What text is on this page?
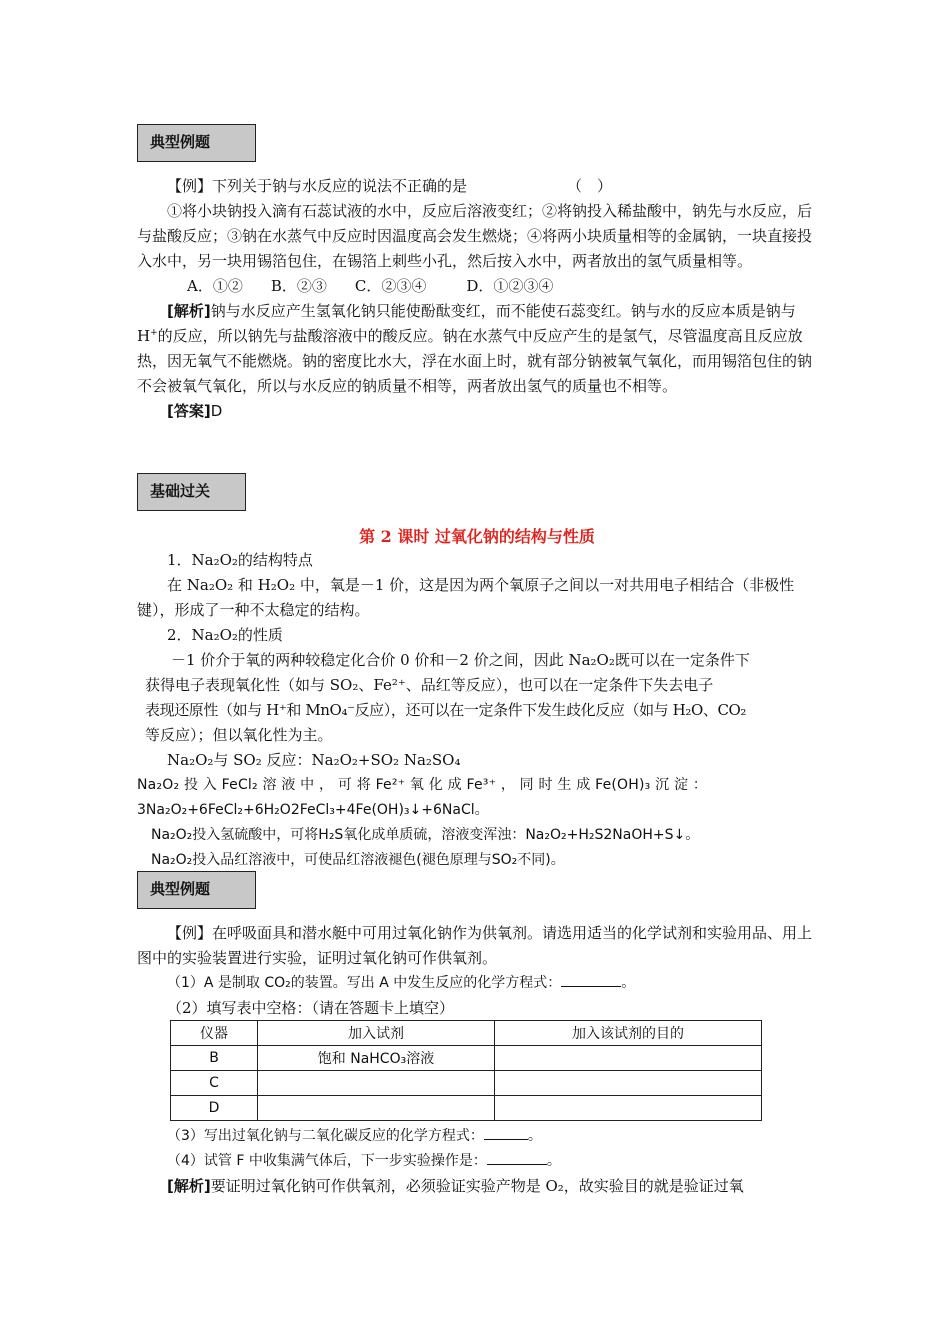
典型例题
【例】下列关于钠与水反应的说法不正确的是	（　）
①将小块钠投入滴有石蕊试液的水中，反应后溶液变红；②将钠投入稀盐酸中，钠先与水反应，后与盐酸反应；③钠在水蒸气中反应时因温度高会发生燃烧；④将两小块质量相等的金属钠，一块直接投入水中，另一块用锡箔包住，在锡箔上刺些小孔，然后按入水中，两者放出的氢气质量相等。
A．①② B．②③ C．②③④	D．①②③④
[解析]钠与水反应产生氢氧化钠只能使酚酞变红，而不能使石蕊变红。钠与水的反应本质是钠与H+的反应，所以钠先与盐酸溶液中的酸反应。钠在水蒸气中反应产生的是氢气，尽管温度高且反应放热，因无氧气不能燃烧。钠的密度比水大，浮在水面上时，就有部分钠被氧气氧化，而用锡箔包住的钠不会被氧气氧化，所以与水反应的钠质量不相等，两者放出氢气的质量也不相等。
[答案]D
基础过关
第 2 课时 过氧化钠的结构与性质
1．Na₂O₂的结构特点
在 Na₂O₂ 和 H₂O₂ 中，氧是－1 价，这是因为两个氧原子之间以一对共用电子相结合（非极性键），形成了一种不太稳定的结构。
2．Na₂O₂的性质
－1 价介于氧的两种较稳定化合价 0 价和－2 价之间，因此 Na₂O₂既可以在一定条件下
获得电子表现氧化性（如与 SO₂、Fe²⁺、品红等反应），也可以在一定条件下失去电子
表现还原性（如与 H⁺和 MnO₄⁻反应），还可以在一定条件下发生歧化反应（如与 H₂O、CO₂
等反应）；但以氧化性为主。
Na₂O₂与 SO₂ 反应：Na₂O₂+SO₂ Na₂SO₄
Na₂O₂ 投 入 FeCl₂ 溶 液 中 ， 可 将 Fe²⁺ 氧 化 成 Fe³⁺ ， 同 时 生 成 Fe(OH)₃ 沉 淀 ：
3Na₂O₂+6FeCl₂+6H₂O2FeCl₃+4Fe(OH)₃↓+6NaCl。
Na₂O₂投入氢硫酸中，可将H₂S氧化成单质硫，溶液变浑浊：Na₂O₂+H₂S2NaOH+S↓。
Na₂O₂投入品红溶液中，可使品红溶液褪色(褪色原理与SO₂不同)。
典型例题
【例】在呼吸面具和潜水艇中可用过氧化钠作为供氧剂。请选用适当的化学试剂和实验用品、用上图中的实验装置进行实验，证明过氧化钠可作供氧剂。
（1）A 是制取 CO₂的装置。写出 A 中发生反应的化学方程式：	。
（2）填写表中空格：（请在答题卡上填空）
仪器	加入试剂	加入该试剂的目的
B	饱和 NaHCO₃溶液	
C		
D		
（3）写出过氧化钠与二氧化碳反应的化学方程式：	。
（4）试管 F 中收集满气体后，下一步实验操作是：	。
[解析]要证明过氧化钠可作供氧剂，必须验证实验产物是 O₂，故实验目的就是验证过氧
